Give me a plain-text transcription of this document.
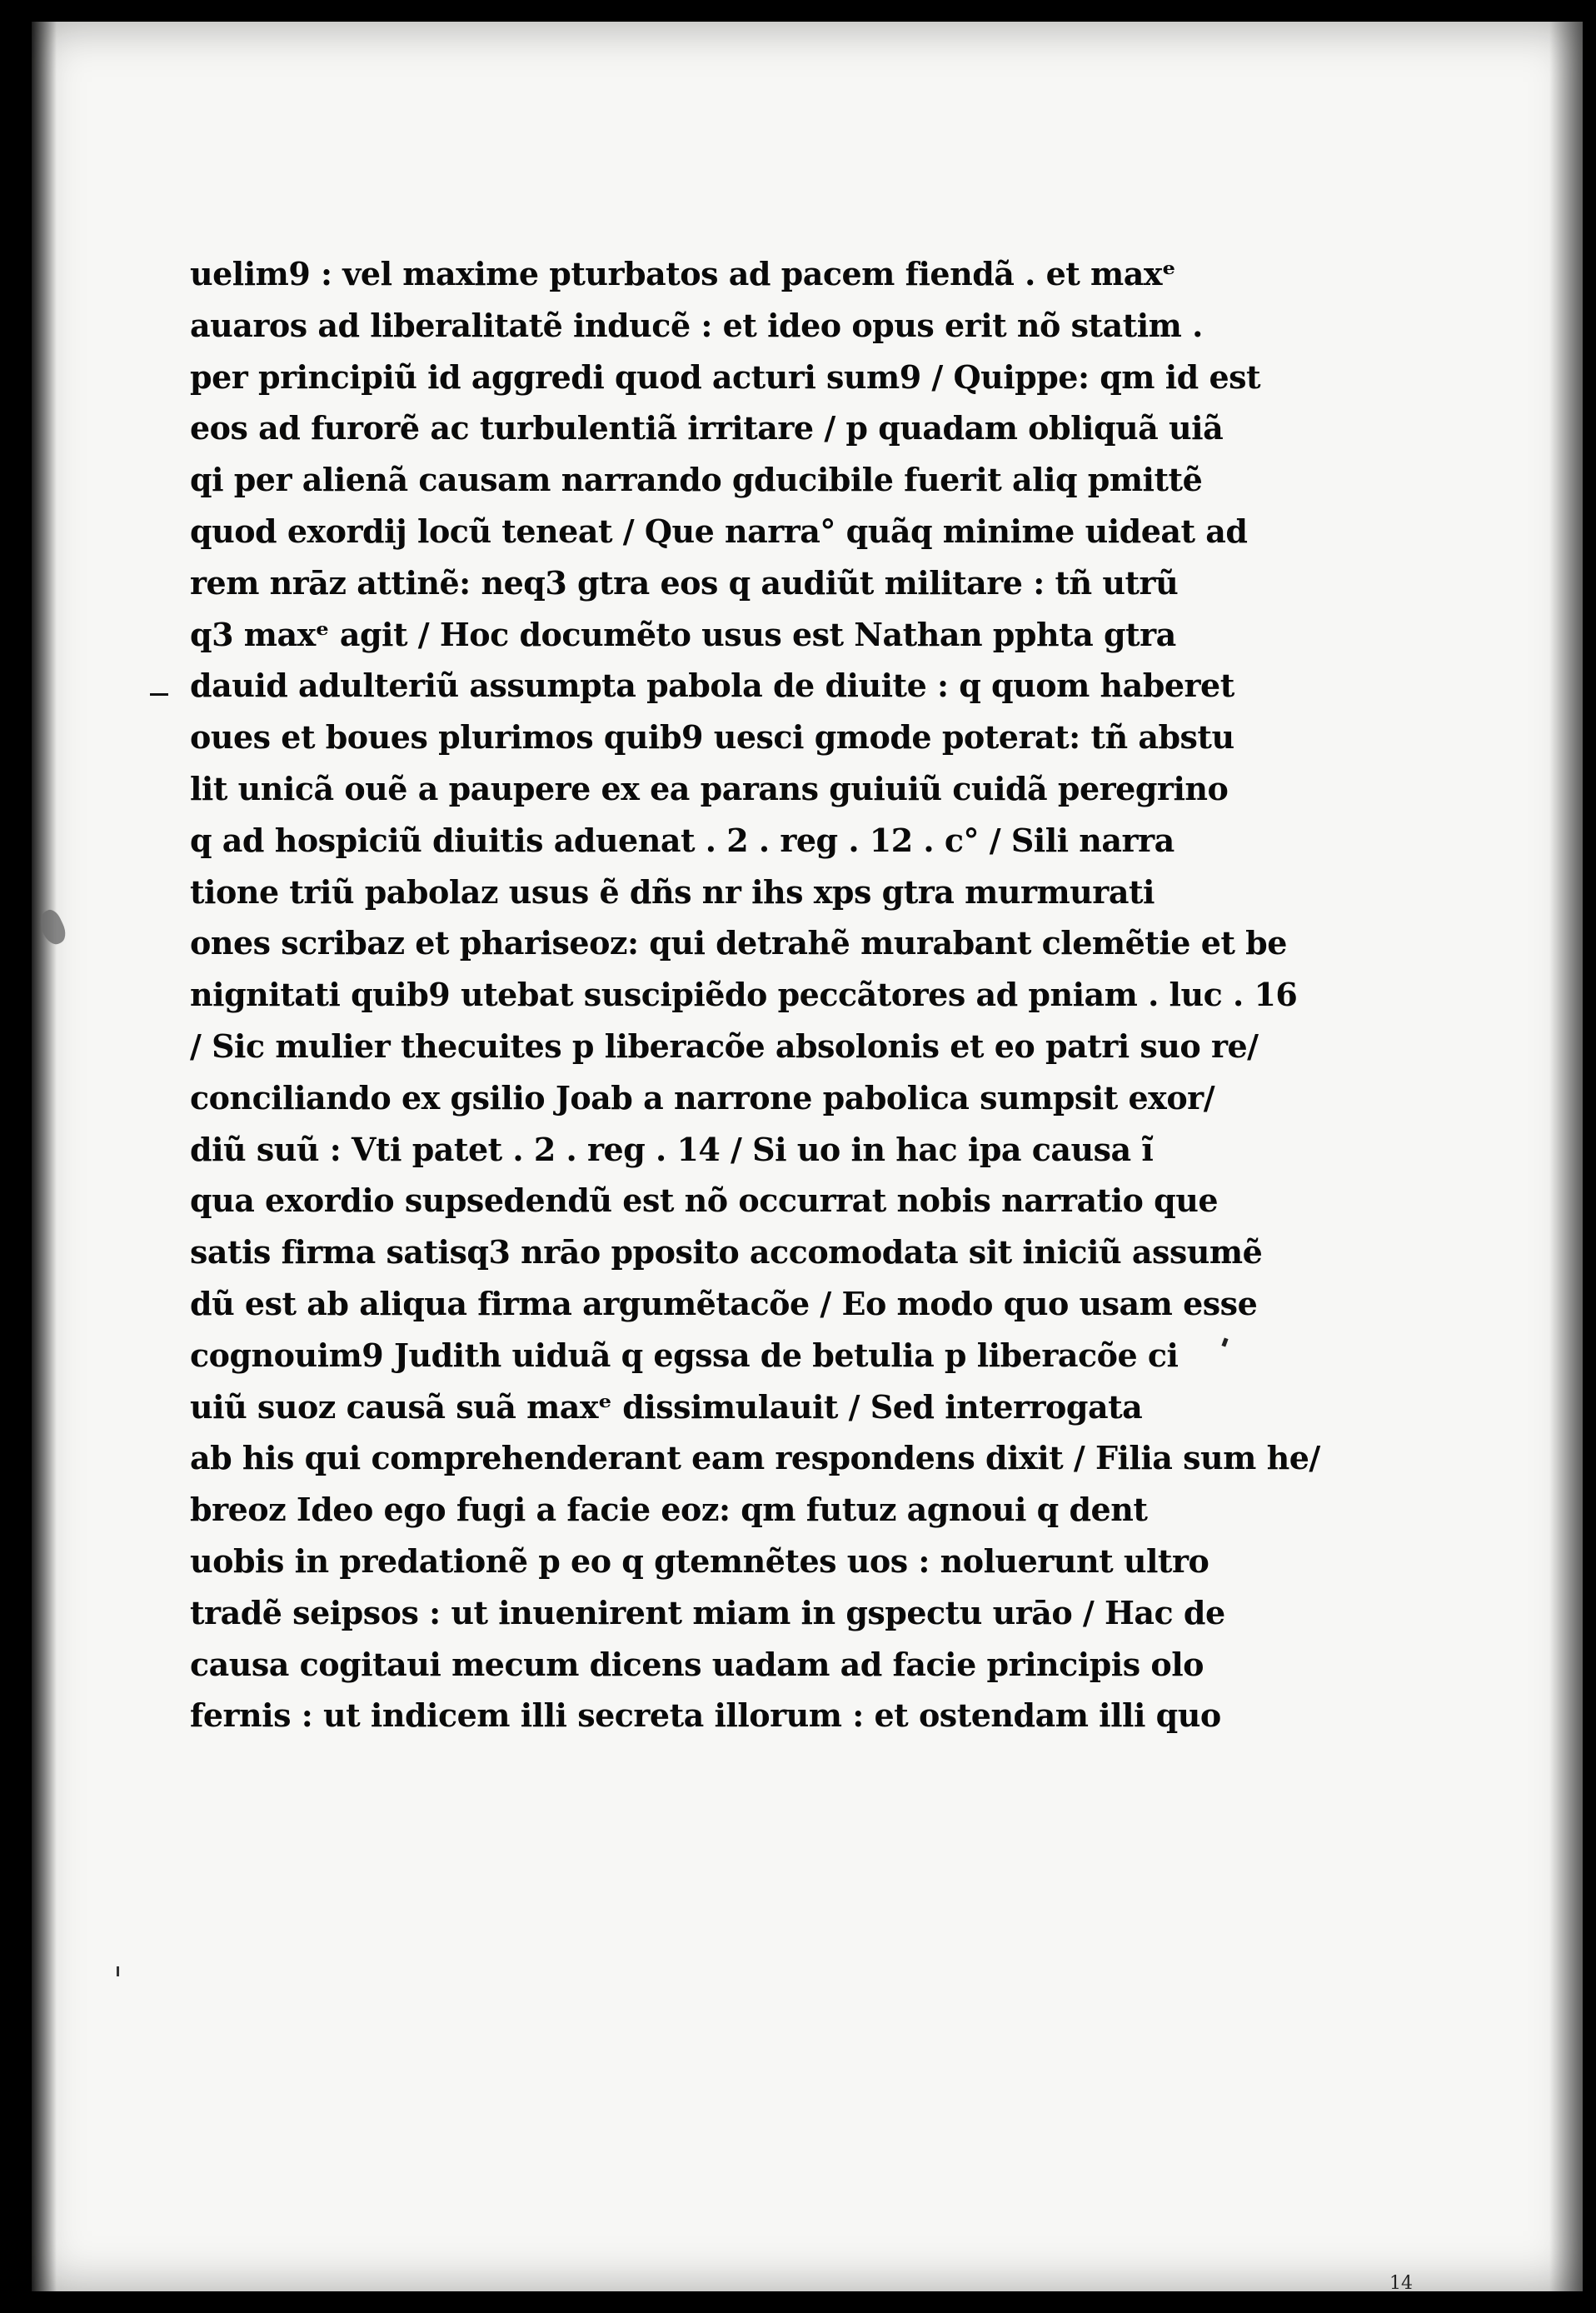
uelim9 : vel maxime pturbatos ad pacem fiendã . et maxᵉ
auaros ad liberalitatẽ inducẽ : et ideo opus erit nõ statim .
per principiũ id aggredi quod acturi sum9 / Quippe: qm id est
eos ad furorẽ ac turbulentiã irritare / p quadam obliquã uiã
qi per alienã causam narrando gducibile fuerit aliq pmittẽ
quod exordij locũ teneat / Que narra° quãq minime uideat ad
rem nrāz attinẽ: neq3 gtra eos q audiũt militare : tñ utrũ
q3 maxᵉ agit / Hoc documẽto usus est Nathan pphta gtra
dauid adulteriũ assumpta pabola de diuite : q quom haberet
oues et boues plurimos quib9 uesci gmode poterat: tñ abstu
lit unicã ouẽ a paupere ex ea parans guiuiũ cuidã peregrino
q ad hospiciũ diuitis aduenat . 2 . reg . 12 . c° / Sili narra
tione triũ pabolaz usus ẽ dñs nr ihs xps gtra murmurati
ones scribaz et phariseoz: qui detrahẽ murabant clemẽtie et be
nignitati quib9 utebat suscipiẽdo peccãtores ad pniam . luc . 16
/ Sic mulier thecuites p liberacõe absolonis et eo patri suo re/
conciliando ex gsilio Joab a narrone pabolica sumpsit exor/
diũ suũ : Vti patet . 2 . reg . 14 / Si uo in hac ipa causa ĩ
qua exordio supsedendũ est nõ occurrat nobis narratio que
satis firma satisq3 nrāo pposito accomodata sit iniciũ assumẽ
dũ est ab aliqua firma argumẽtacõe / Eo modo quo usam esse
cognouim9 Judith uiduã q egssa de betulia p liberacõe ci
uiũ suoz causã suã maxᵉ dissimulauit / Sed interrogata
ab his qui comprehenderant eam respondens dixit / Filia sum he/
breoz Ideo ego fugi a facie eoz: qm futuz agnoui q dent
uobis in predationẽ p eo q gtemnẽtes uos : noluerunt ultro
tradẽ seipsos : ut inuenirent miam in gspectu urāo / Hac de
causa cogitaui mecum dicens uadam ad facie principis olo
fernis : ut indicem illi secreta illorum : et ostendam illi quo
14
